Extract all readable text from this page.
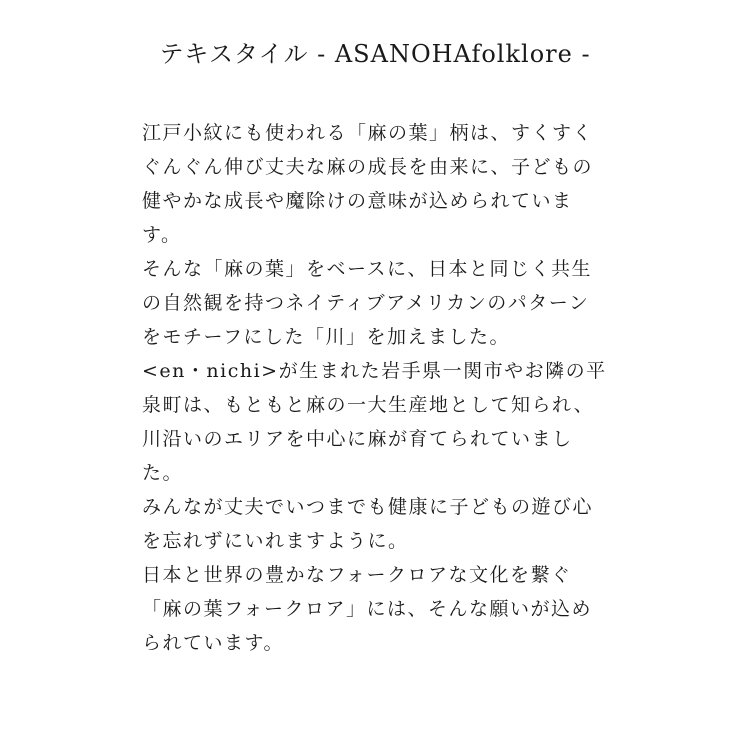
テキスタイル - ASANOHAfolklore -

江戸小紋にも使われる「麻の葉」柄は、すくすく

ぐんぐん伸び丈夫な麻の成長を由来に、子どもの

健やかな成長や魔除けの意味が込められていま

す。

そんな「麻の葉」をベースに、日本と同じく共生

の自然観を持つネイティブアメリカンのパターン

をモチーフにした「川」を加えました。

<en・nichi>が生まれた岩手県一関市やお隣の平

泉町は、もともと麻の一大生産地として知られ、

川沿いのエリアを中心に麻が育てられていまし

た。

みんなが丈夫でいつまでも健康に子どもの遊び心

を忘れずにいれますように。

日本と世界の豊かなフォークロアな文化を繋ぐ

「麻の葉フォークロア」には、そんな願いが込め

られています。
